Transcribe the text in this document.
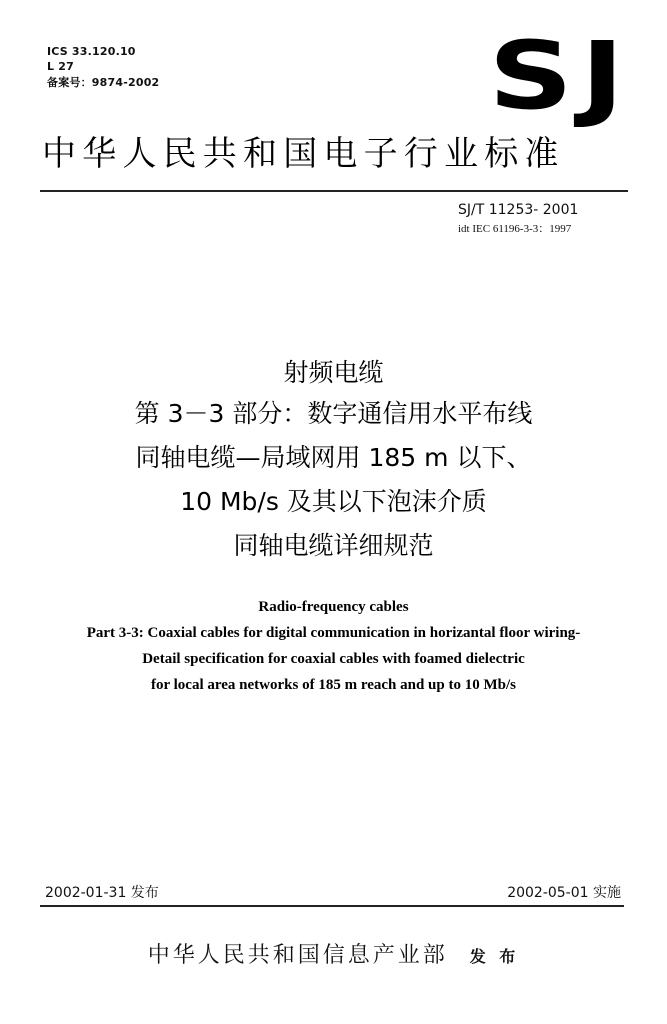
ICS 33.120.10
L 27
备案号：9874-2002	SJ
中华人民共和国电子行业标准
SJ/T 11253- 2001
idt IEC 61196-3-3：1997
射频电缆
第 3－3 部分：数字通信用水平布线
同轴电缆—局域网用 185 m 以下、
10 Mb/s 及其以下泡沫介质
同轴电缆详细规范
Radio-frequency cables
Part 3-3: Coaxial cables for digital communication in horizantal floor wiring-
Detail specification for coaxial cables with foamed dielectric
for local area networks of 185 m reach and up to 10 Mb/s
2002-01-31 发布	2002-05-01 实施
中华人民共和国信息产业部 发 布
